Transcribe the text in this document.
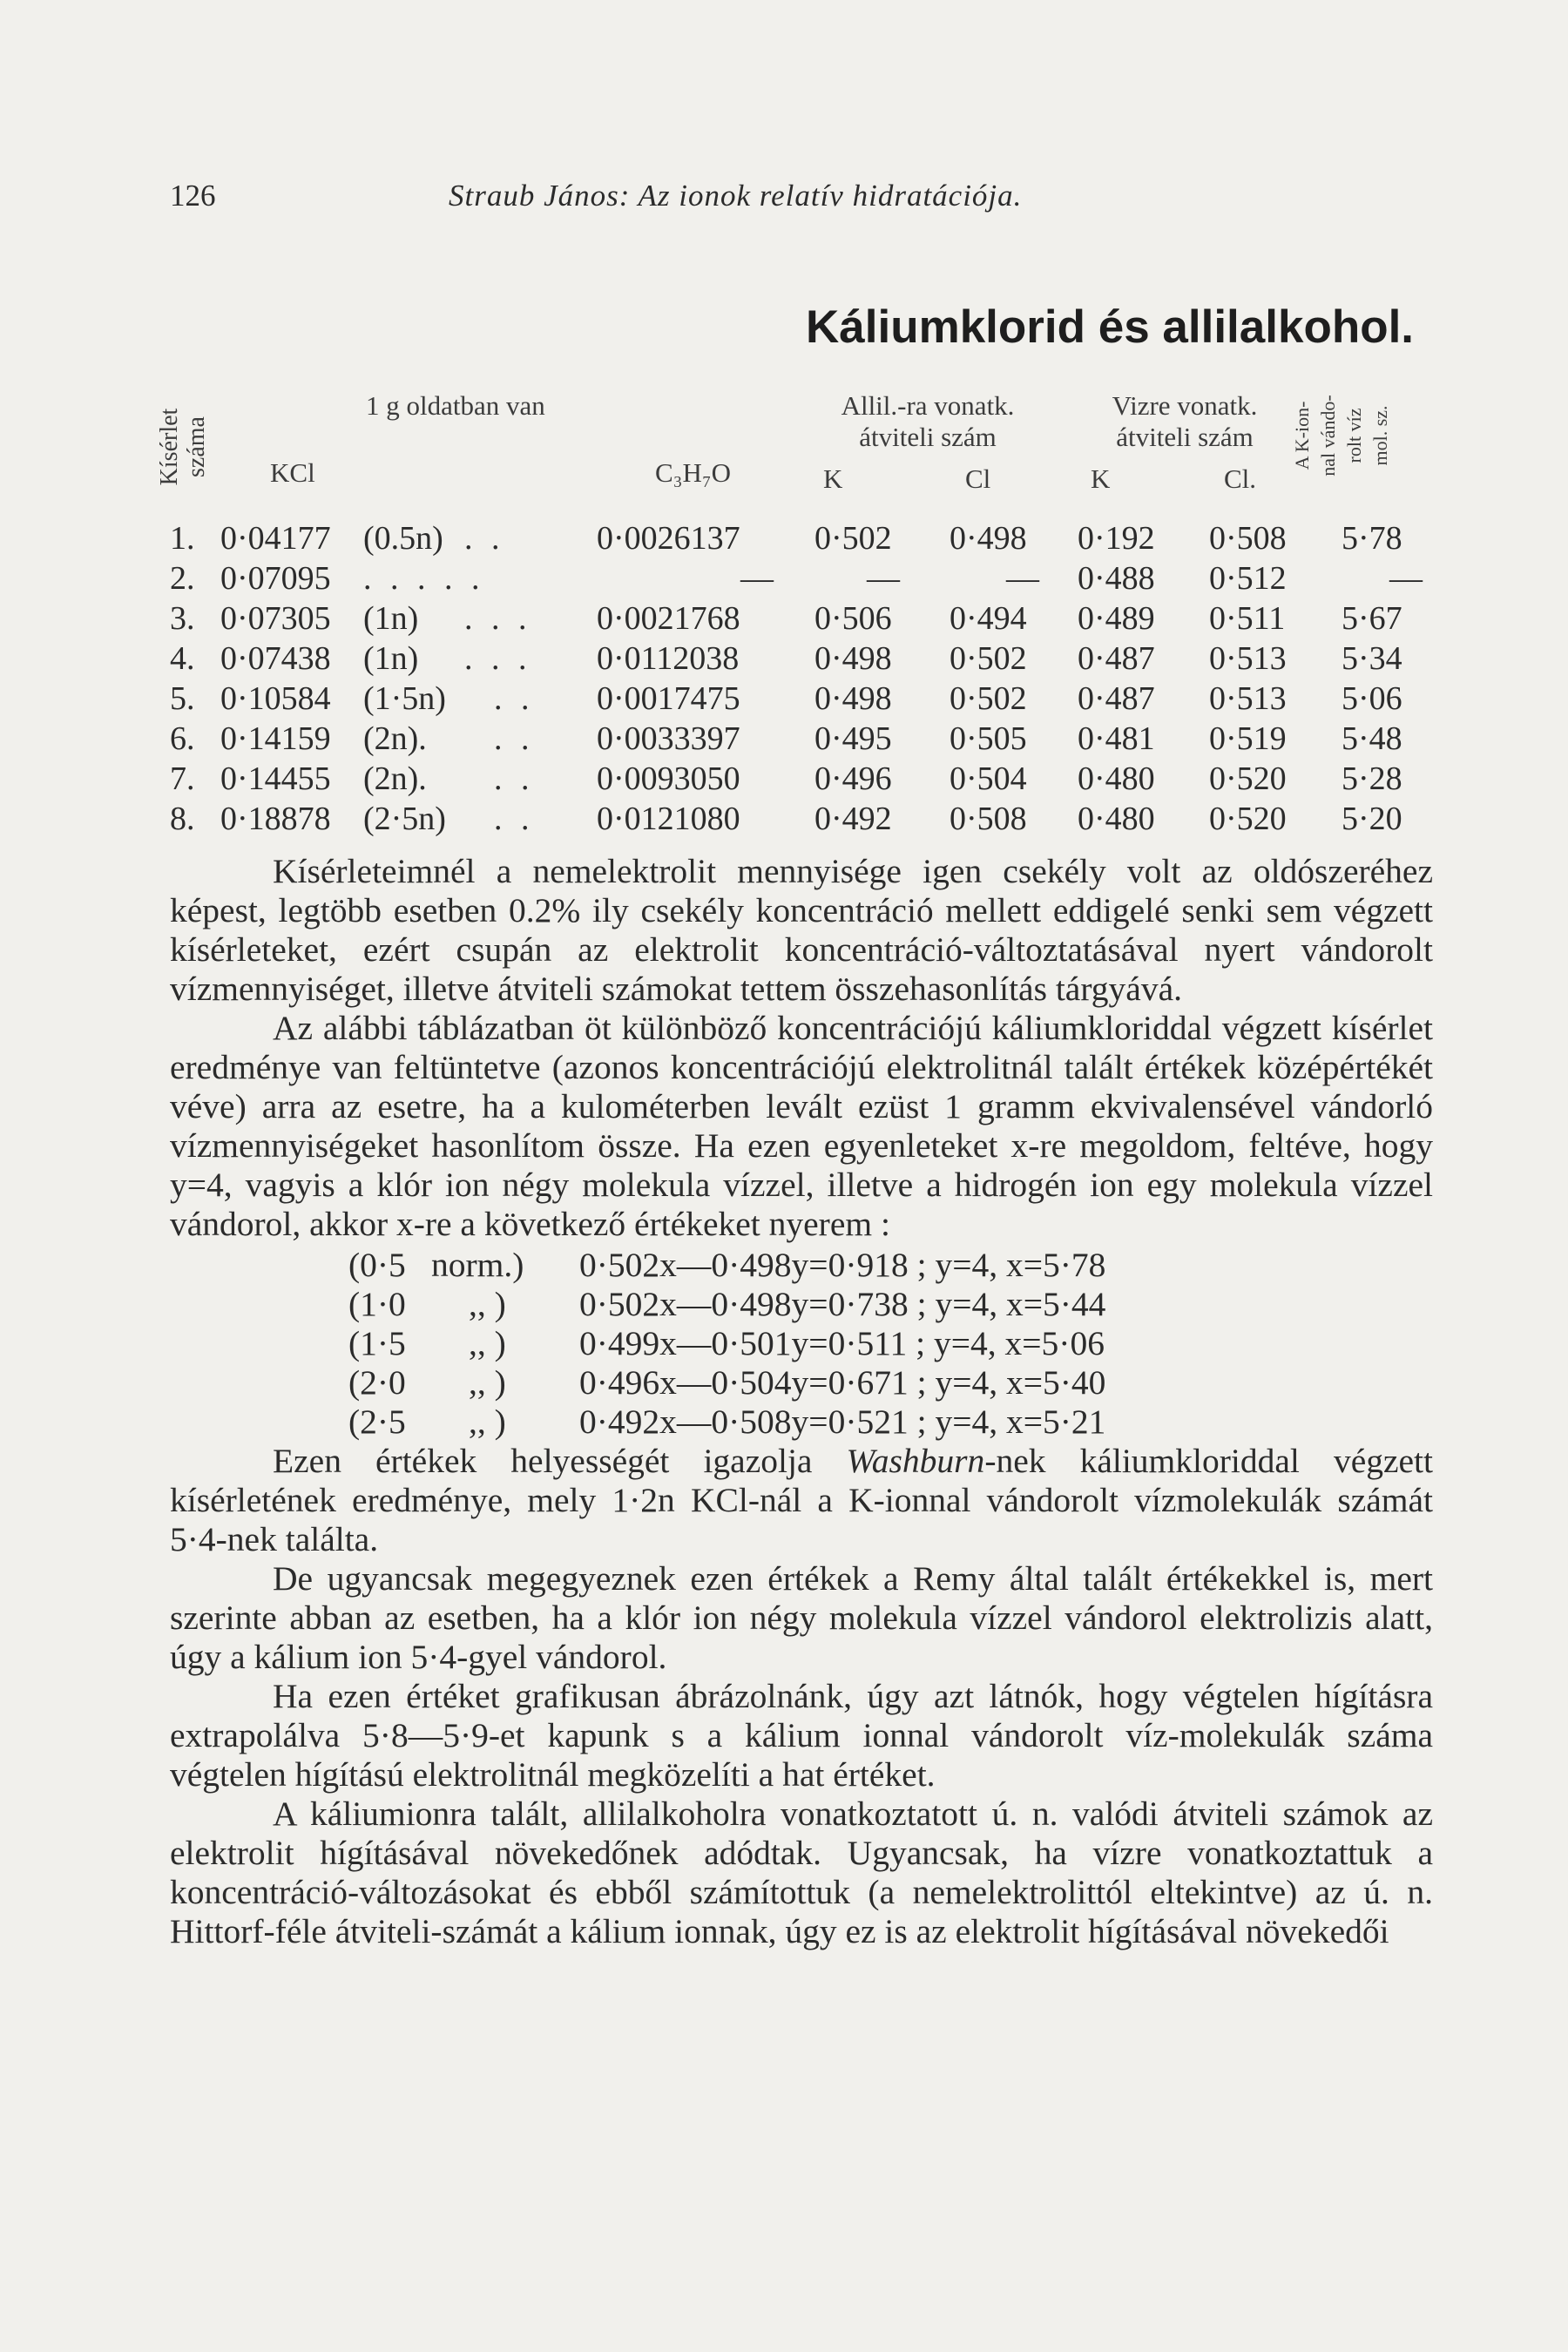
126	Straub János: Az ionok relatív hidratációja.
Káliumklorid és allilalkohol.
Kísérlet száma
1 g oldatban van
KCl	C₃H₇O
Allil.-ra vonatk.
átviteli szám
Vizre vonatk.
átviteli szám
K	Cl	K	Cl.
A K-ion- nal vándo- rolt víz mol. sz.
1. 0·04177 (0.5n) . .	0·0026137 0·502 0·498 0·192 0·508 5·78
2. 0·07095 . . . . .	—	—	— 0·488 0·512	—
3. 0·07305 (1n) . . . 0·0021768 0·506 0·494 0·489 0·511 5·67
4. 0·07438 (1n) . . . 0·0112038 0·498 0·502 0·487 0·513 5·34
5. 0·10584 (1·5n) . . 0·0017475 0·498 0·502 0·487 0·513 5·06
6. 0·14159 (2n). . . 0·0033397 0·495 0·505 0·481 0·519 5·48
7. 0·14455 (2n). . . 0·0093050 0·496 0·504 0·480 0·520 5·28
8. 0·18878 (2·5n) . . 0·0121080 0·492 0·508 0·480 0·520 5·20

Kísérleteimnél a nemelektrolit mennyisége igen csekély volt az oldószeréhez képest, legtöbb esetben 0.2% ily csekély koncentráció mellett eddigelé senki sem végzett kísérleteket, ezért csupán az elektrolit koncentráció-változtatásával nyert vándorolt vízmennyiséget, illetve átviteli számokat tettem összehasonlítás tárgyává.

Az alábbi táblázatban öt különböző koncentrációjú káliumkloriddal végzett kísérlet eredménye van feltüntetve (azonos koncentrációjú elektrolitnál talált értékek középértékét véve) arra az esetre, ha a kulométerben levált ezüst 1 gramm ekvivalensével vándorló vízmennyiségeket hasonlítom össze. Ha ezen egyenleteket x-re megoldom, feltéve, hogy y=4, vagyis a klór ion négy molekula vízzel, illetve a hidrogén ion egy molekula vízzel vándorol, akkor x-re a következő értékeket nyerem :

(0·5 norm.) 0·502x—0·498y=0·918 ; y=4, x=5·78
(1·0 ,, ) 0·502x—0·498y=0·738 ; y=4, x=5·44
(1·5 ,, ) 0·499x—0·501y=0·511 ; y=4, x=5·06
(2·0 ,, ) 0·496x—0·504y=0·671 ; y=4, x=5·40
(2·5 ,, ) 0·492x—0·508y=0·521 ; y=4, x=5·21

Ezen értékek helyességét igazolja Washburn-nek káliumkloriddal végzett kísérletének eredménye, mely 1·2n KCl-nál a K-ionnal vándorolt vízmolekulák számát 5·4-nek találta.

De ugyancsak megegyeznek ezen értékek a Remy által talált értékekkel is, mert szerinte abban az esetben, ha a klór ion négy molekula vízzel vándorol elektrolizis alatt, úgy a kálium ion 5·4-gyel vándorol.

Ha ezen értéket grafikusan ábrázolnánk, úgy azt látnók, hogy végtelen hígításra extrapolálva 5·8—5·9-et kapunk s a kálium ionnal vándorolt víz-molekulák száma végtelen hígítású elektrolitnál megközelíti a hat értéket.

A káliumionra talált, allilalkoholra vonatkoztatott ú. n. valódi átviteli számok az elektrolit hígításával növekedőnek adódtak. Ugyancsak, ha vízre vonatkoztattuk a koncentráció-változásokat és ebből számítottuk (a nemelektrolittól eltekintve) az ú. n. Hittorf-féle átviteli-számát a kálium ionnak, úgy ez is az elektrolit hígításával növekedői
